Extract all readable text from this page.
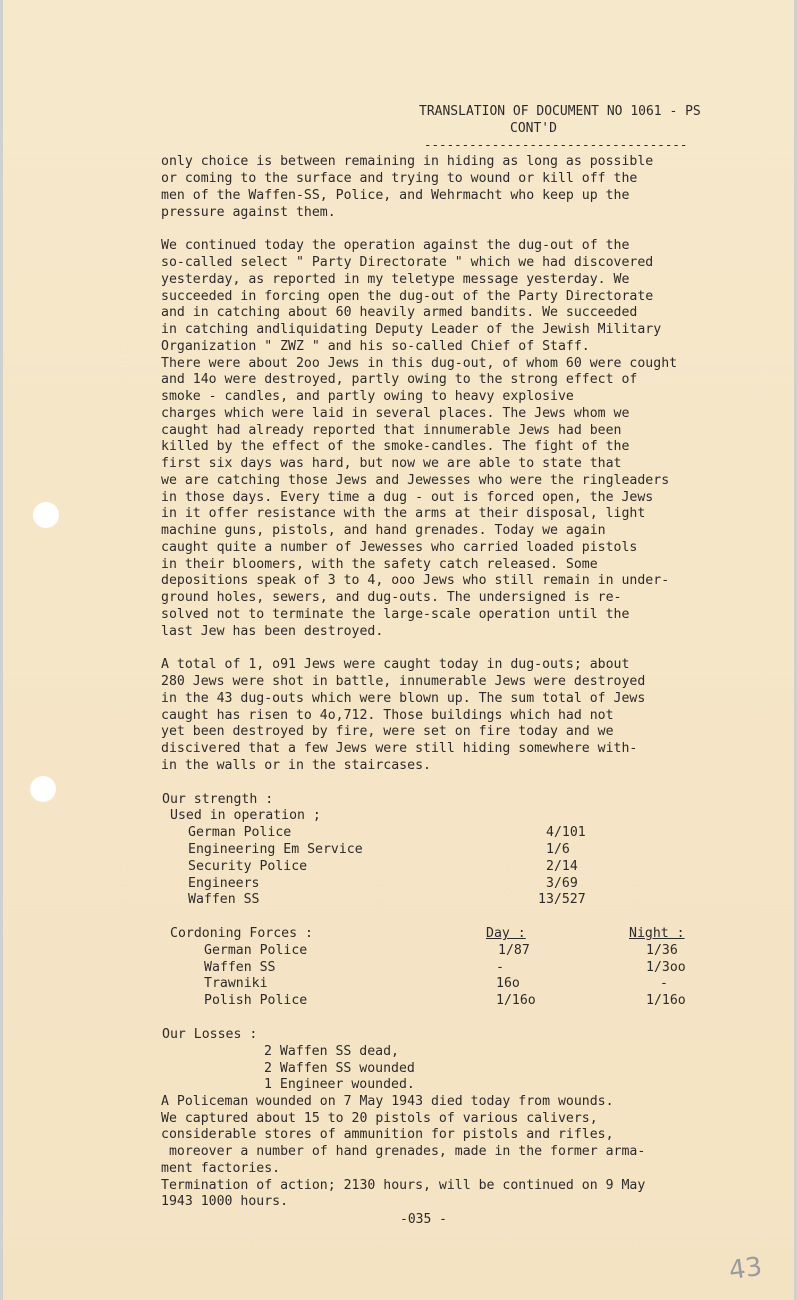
TRANSLATION OF DOCUMENT NO 1061 - PS
CONT'D
-----------------------------------
only choice is between remaining in hiding as long as possible
or coming to the surface and trying to wound or kill off the
men of the Waffen-SS, Police, and Wehrmacht who keep up the
pressure against them.
We continued today the operation against the dug-out of the
so-called select " Party Directorate " which we had discovered
yesterday, as reported in my teletype message yesterday. We
succeeded in forcing open the dug-out of the Party Directorate
and in catching about 60 heavily armed bandits. We succeeded
in catching andliquidating Deputy Leader of the Jewish Military
Organization " ZWZ " and his so-called Chief of Staff.
There were about 2oo Jews in this dug-out, of whom 60 were cought
and 14o were destroyed, partly owing to the strong effect of
smoke - candles, and partly owing to heavy explosive
charges which were laid in several places. The Jews whom we
caught had already reported that innumerable Jews had been
killed by the effect of the smoke-candles. The fight of the
first six days was hard, but now we are able to state that
we are catching those Jews and Jewesses who were the ringleaders
in those days. Every time a dug - out is forced open, the Jews
in it offer resistance with the arms at their disposal, light
machine guns, pistols, and hand grenades. Today we again
caught quite a number of Jewesses who carried loaded pistols
in their bloomers, with the safety catch released. Some
depositions speak of 3 to 4, ooo Jews who still remain in under-
ground holes, sewers, and dug-outs. The undersigned is re-
solved not to terminate the large-scale operation until the
last Jew has been destroyed.
A total of 1, o91 Jews were caught today in dug-outs; about
280 Jews were shot in battle, innumerable Jews were destroyed
in the 43 dug-outs which were blown up. The sum total of Jews
caught has risen to 4o,712. Those buildings which had not
yet been destroyed by fire, were set on fire today and we
discivered that a few Jews were still hiding somewhere with-
in the walls or in the staircases.
Our strength :
Used in operation ;
German Police	4/101
Engineering Em Service	1/6
Security Police	2/14
Engineers	3/69
Waffen SS	13/527
Cordoning Forces :	Day :	Night :
German Police	1/87	1/36
Waffen SS	-	1/3oo
Trawniki	16o	-
Polish Police	1/16o	1/16o
Our Losses :
2 Waffen SS dead,
2 Waffen SS wounded
1 Engineer wounded.
A Policeman wounded on 7 May 1943 died today from wounds.
We captured about 15 to 20 pistols of various calivers,
considerable stores of ammunition for pistols and rifles,
moreover a number of hand grenades, made in the former arma-
ment factories.
Termination of action; 2130 hours, will be continued on 9 May
1943 1000 hours.
-035 -
43
